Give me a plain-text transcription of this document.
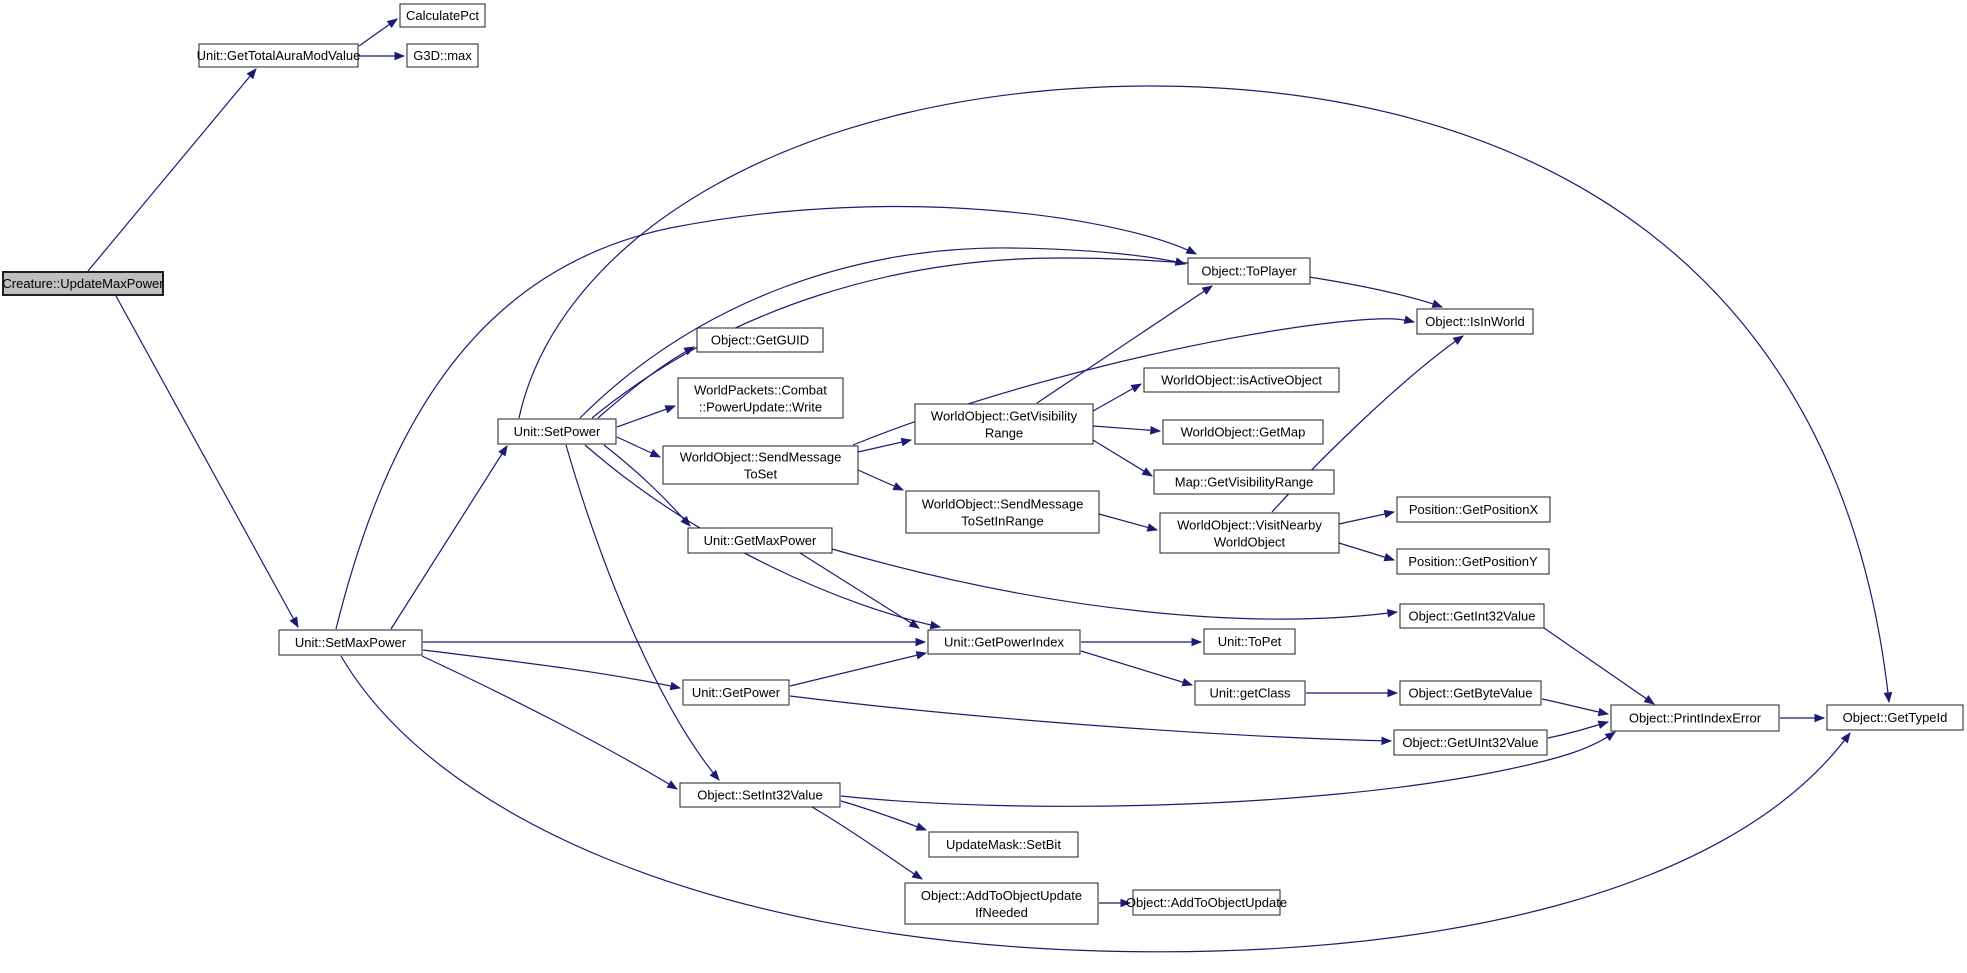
Creature::UpdateMaxPower
Unit::GetTotalAuraModValue
CalculatePct
G3D::max
Unit::SetPower
Unit::SetMaxPower
Object::GetGUID
WorldPackets::Combat
::PowerUpdate::Write
WorldObject::SendMessage
ToSet
Unit::GetMaxPower
Unit::GetPower
Object::SetInt32Value
WorldObject::GetVisibility
Range
WorldObject::SendMessage
ToSetInRange
Unit::GetPowerIndex
UpdateMask::SetBit
Object::AddToObjectUpdate
IfNeeded
Object::ToPlayer
WorldObject::isActiveObject
WorldObject::GetMap
Map::GetVisibilityRange
WorldObject::VisitNearby
WorldObject
Unit::ToPet
Unit::getClass
Object::AddToObjectUpdate
Object::IsInWorld
Position::GetPositionX
Position::GetPositionY
Object::GetInt32Value
Object::GetByteValue
Object::GetUInt32Value
Object::PrintIndexError	Object::GetTypeId
